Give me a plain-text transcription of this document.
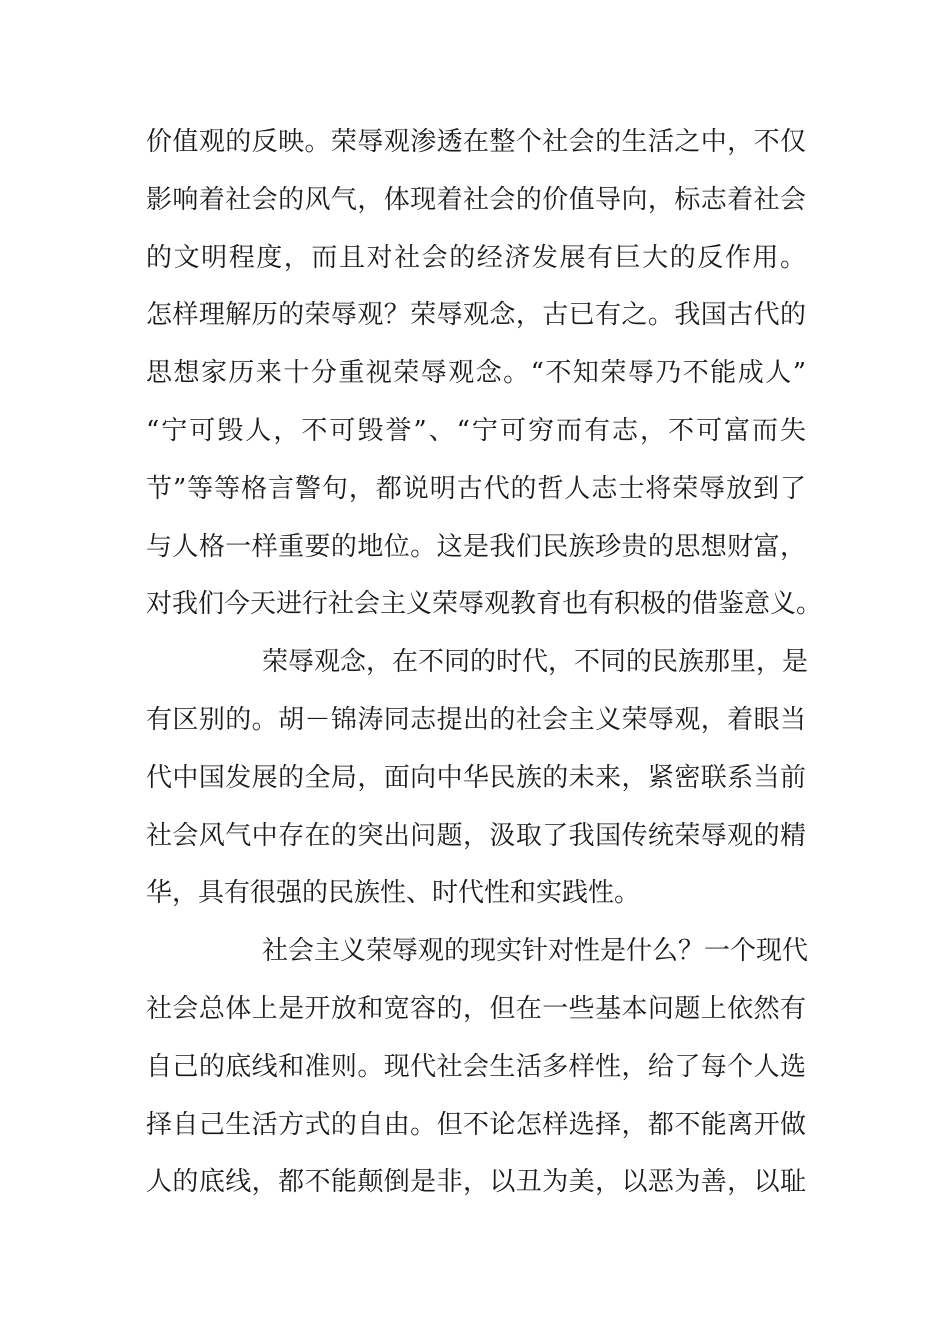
价值观的反映。荣辱观渗透在整个社会的生活之中，不仅
影响着社会的风气，体现着社会的价值导向，标志着社会
的文明程度，而且对社会的经济发展有巨大的反作用。
怎样理解历的荣辱观？荣辱观念，古已有之。我国古代的
思想家历来十分重视荣辱观念。“不知荣辱乃不能成人”
“宁可毁人，不可毁誉”、“宁可穷而有志，不可富而失
节”等等格言警句，都说明古代的哲人志士将荣辱放到了
与人格一样重要的地位。这是我们民族珍贵的思想财富，
对我们今天进行社会主义荣辱观教育也有积极的借鉴意义。
荣辱观念，在不同的时代，不同的民族那里，是
有区别的。胡－锦涛同志提出的社会主义荣辱观，着眼当
代中国发展的全局，面向中华民族的未来，紧密联系当前
社会风气中存在的突出问题，汲取了我国传统荣辱观的精
华，具有很强的民族性、时代性和实践性。
社会主义荣辱观的现实针对性是什么？一个现代
社会总体上是开放和宽容的，但在一些基本问题上依然有
自己的底线和准则。现代社会生活多样性，给了每个人选
择自己生活方式的自由。但不论怎样选择，都不能离开做
人的底线，都不能颠倒是非，以丑为美，以恶为善，以耻
